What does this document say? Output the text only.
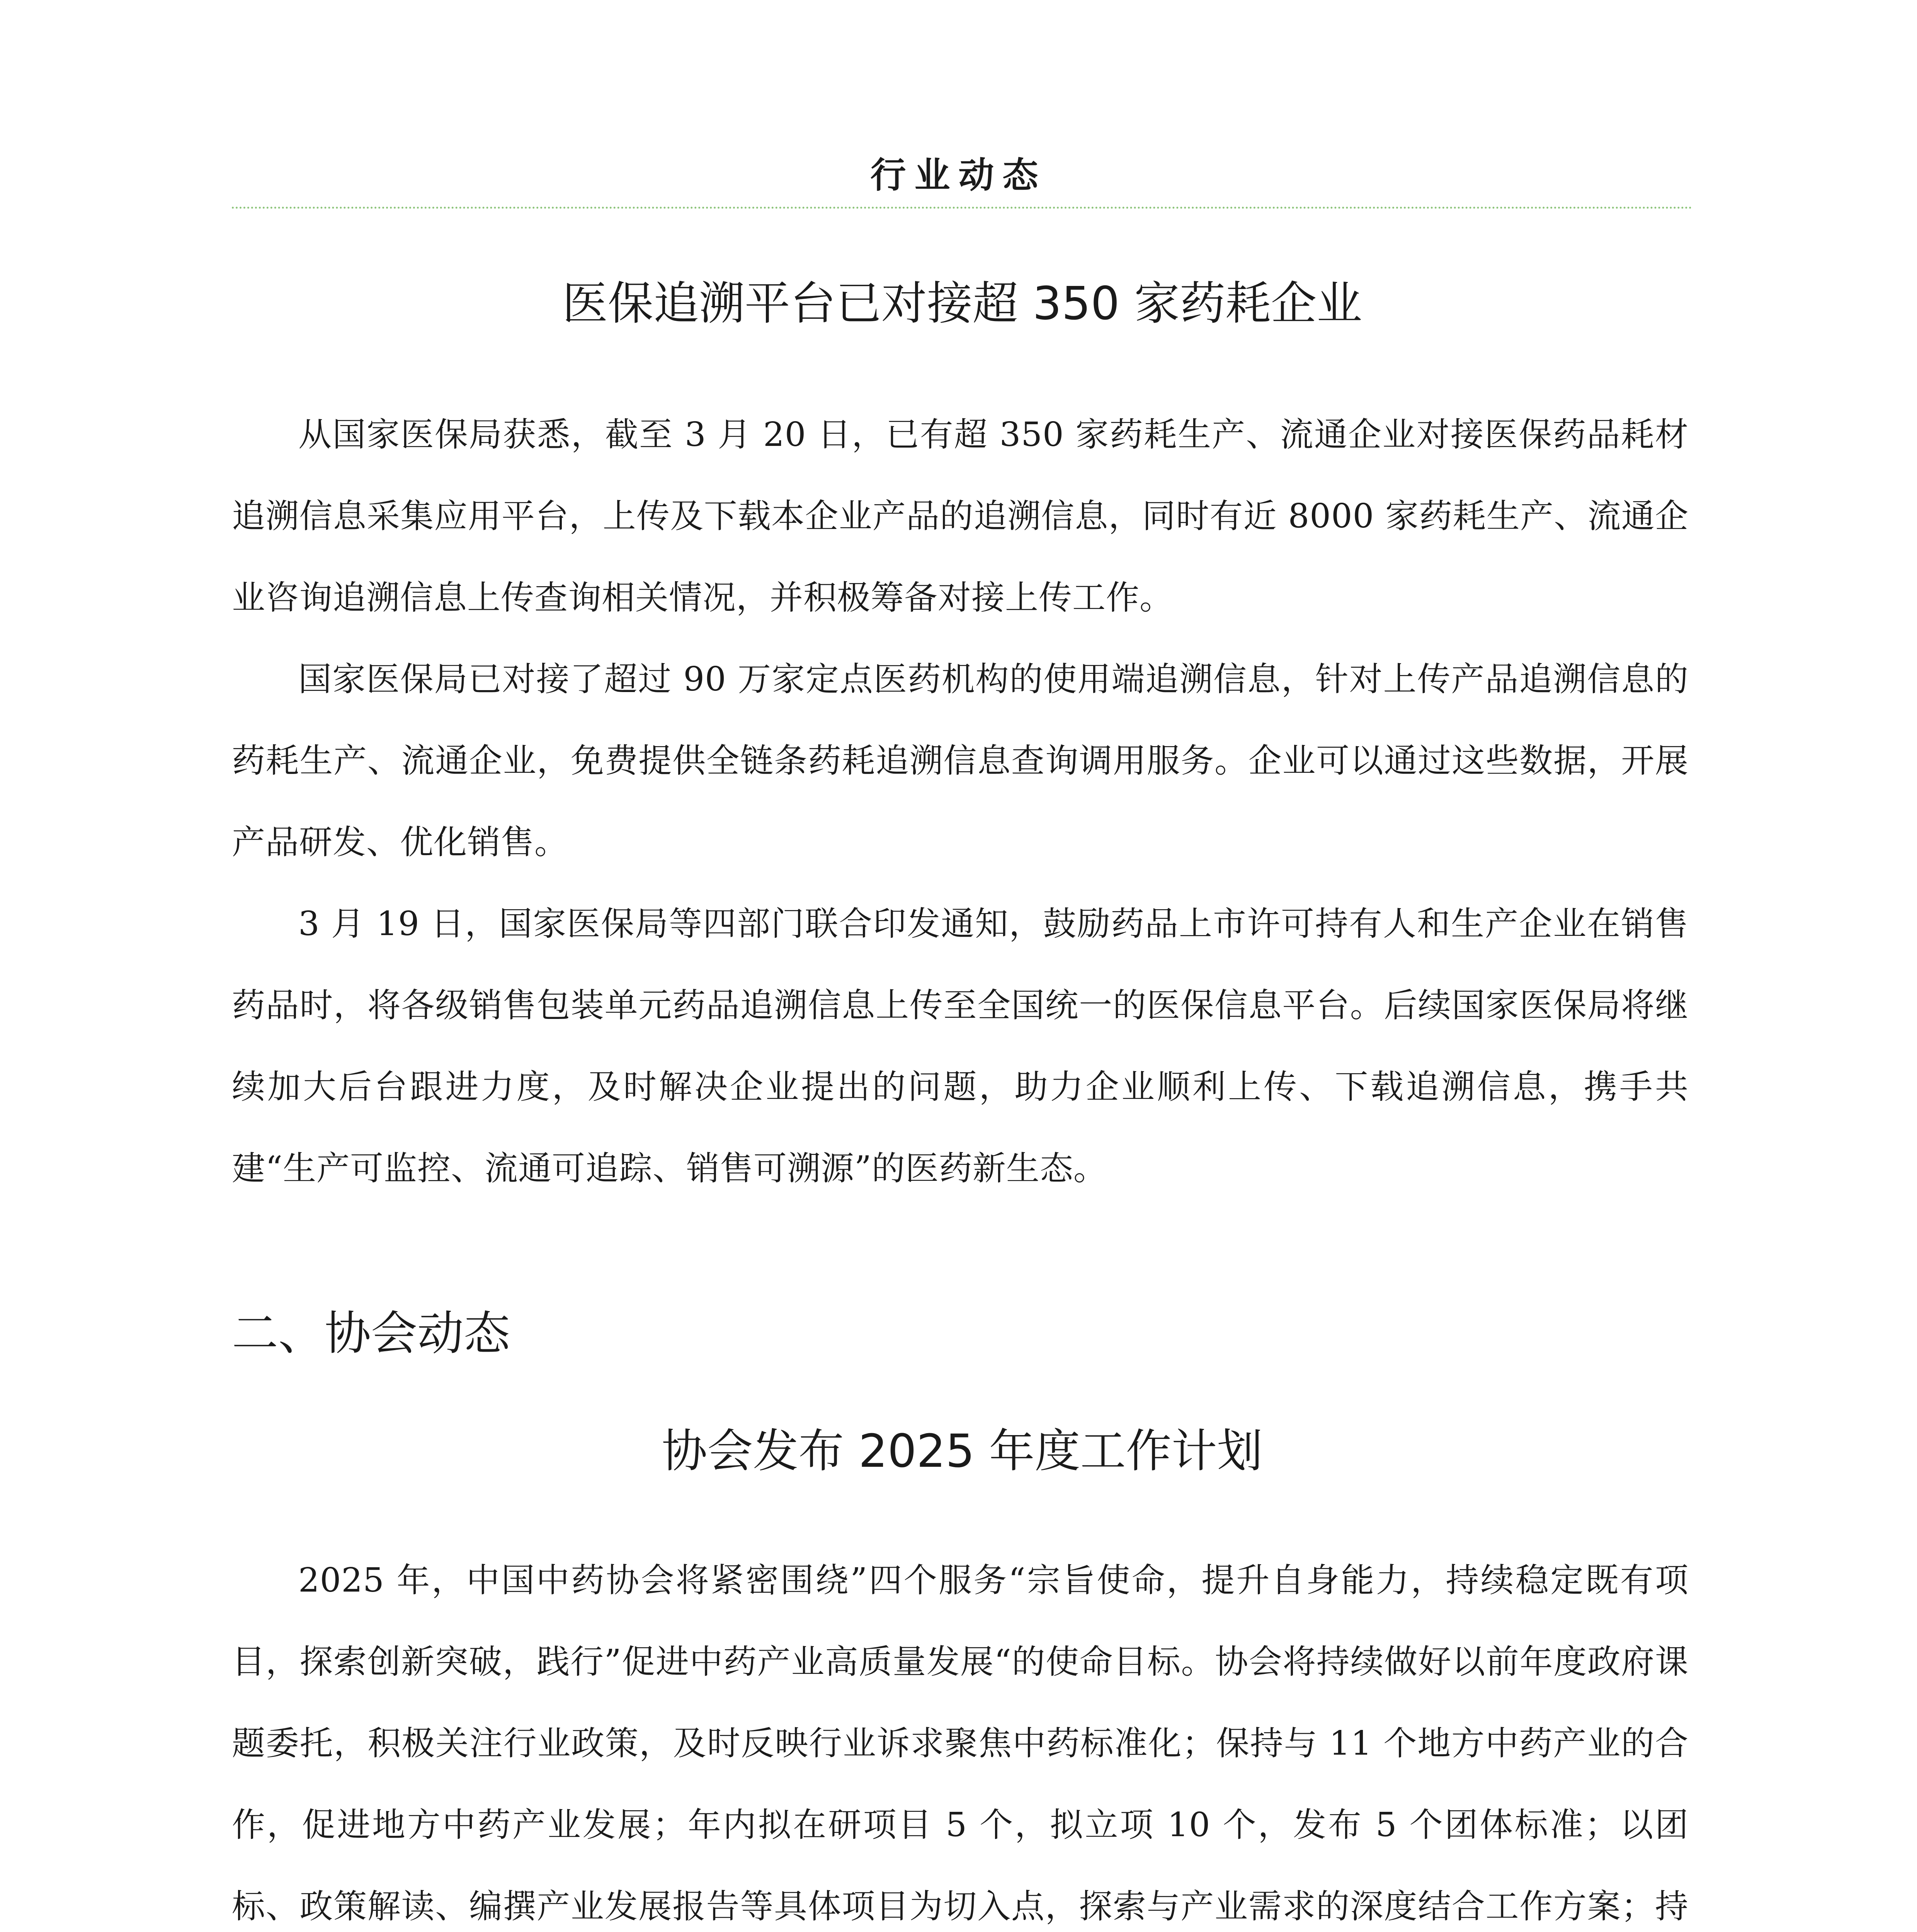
行业动态
医保追溯平台已对接超 350 家药耗企业

从国家医保局获悉，截至 3 月 20 日，已有超 350 家药耗生产、流通企业对接医保药品耗材追溯信息采集应用平台，上传及下载本企业产品的追溯信息，同时有近 8000 家药耗生产、流通企业咨询追溯信息上传查询相关情况，并积极筹备对接上传工作。

国家医保局已对接了超过 90 万家定点医药机构的使用端追溯信息，针对上传产品追溯信息的药耗生产、流通企业，免费提供全链条药耗追溯信息查询调用服务。企业可以通过这些数据，开展产品研发、优化销售。

3 月 19 日，国家医保局等四部门联合印发通知，鼓励药品上市许可持有人和生产企业在销售药品时，将各级销售包装单元药品追溯信息上传至全国统一的医保信息平台。后续国家医保局将继续加大后台跟进力度，及时解决企业提出的问题，助力企业顺利上传、下载追溯信息，携手共建“生产可监控、流通可追踪、销售可溯源”的医药新生态。

二、协会动态
协会发布 2025 年度工作计划

2025 年，中国中药协会将紧密围绕”四个服务“宗旨使命，提升自身能力，持续稳定既有项目，探索创新突破，践行”促进中药产业高质量发展“的使命目标。协会将持续做好以前年度政府课题委托，积极关注行业政策，及时反映行业诉求聚焦中药标准化；保持与 11 个地方中药产业的合作，促进地方中药产业发展；年内拟在研项目 5 个，拟立项 10 个，发布 5 个团体标准；以团标、政策解读、编撰产业发展报告等具体项目为切入点，探索与产业需求的深度结合工作方案；持
